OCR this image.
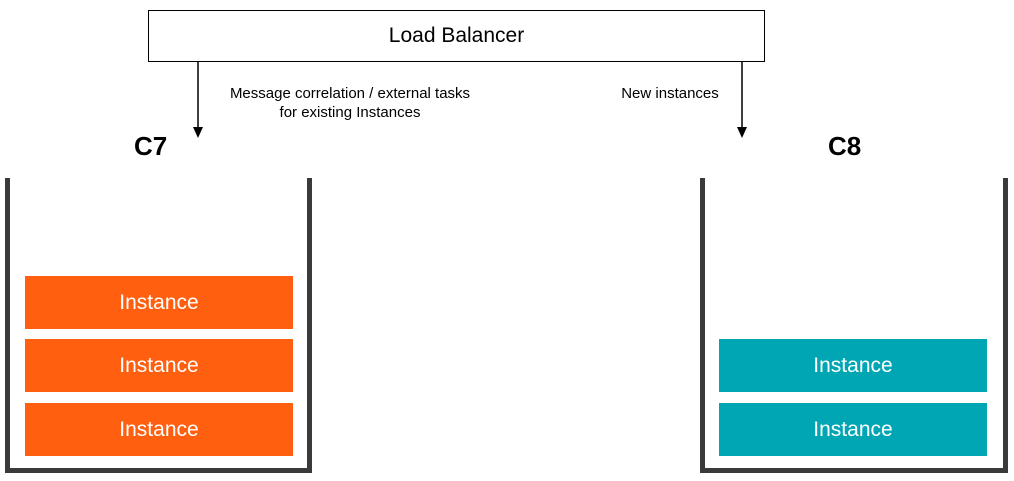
Load Balancer
Message correlation / external tasks
for existing Instances
New instances
C7	C8
Instance
Instance
Instance
Instance
Instance
